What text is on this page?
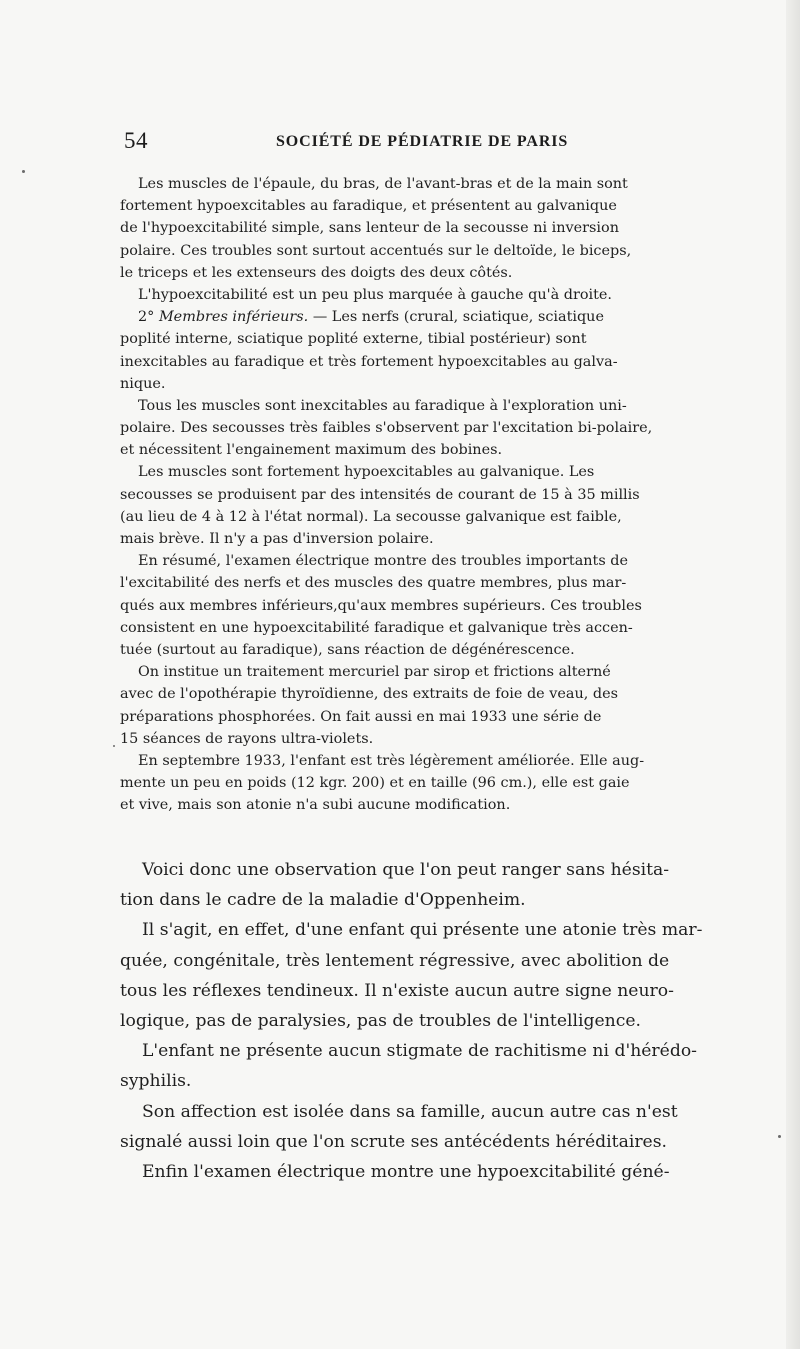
54	SOCIÉTÉ DE PÉDIATRIE DE PARIS
Les muscles de l'épaule, du bras, de l'avant-bras et de la main sont
fortement hypoexcitables au faradique, et présentent au galvanique
de l'hypoexcitabilité simple, sans lenteur de la secousse ni inversion
polaire. Ces troubles sont surtout accentués sur le deltoïde, le biceps,
le triceps et les extenseurs des doigts des deux côtés.
L'hypoexcitabilité est un peu plus marquée à gauche qu'à droite.
2° Membres inférieurs. — Les nerfs (crural, sciatique, sciatique
poplité interne, sciatique poplité externe, tibial postérieur) sont
inexcitables au faradique et très fortement hypoexcitables au galva-
nique.
Tous les muscles sont inexcitables au faradique à l'exploration uni-
polaire. Des secousses très faibles s'observent par l'excitation bi-polaire,
et nécessitent l'engainement maximum des bobines.
Les muscles sont fortement hypoexcitables au galvanique. Les
secousses se produisent par des intensités de courant de 15 à 35 millis
(au lieu de 4 à 12 à l'état normal). La secousse galvanique est faible,
mais brève. Il n'y a pas d'inversion polaire.
En résumé, l'examen électrique montre des troubles importants de
l'excitabilité des nerfs et des muscles des quatre membres, plus mar-
qués aux membres inférieurs,qu'aux membres supérieurs. Ces troubles
consistent en une hypoexcitabilité faradique et galvanique très accen-
tuée (surtout au faradique), sans réaction de dégénérescence.
On institue un traitement mercuriel par sirop et frictions alterné
avec de l'opothérapie thyroïdienne, des extraits de foie de veau, des
préparations phosphorées. On fait aussi en mai 1933 une série de
15 séances de rayons ultra-violets.
En septembre 1933, l'enfant est très légèrement améliorée. Elle aug-
mente un peu en poids (12 kgr. 200) et en taille (96 cm.), elle est gaie
et vive, mais son atonie n'a subi aucune modification.
Voici donc une observation que l'on peut ranger sans hésita-
tion dans le cadre de la maladie d'Oppenheim.
Il s'agit, en effet, d'une enfant qui présente une atonie très mar-
quée, congénitale, très lentement régressive, avec abolition de
tous les réflexes tendineux. Il n'existe aucun autre signe neuro-
logique, pas de paralysies, pas de troubles de l'intelligence.
L'enfant ne présente aucun stigmate de rachitisme ni d'hérédo-
syphilis.
Son affection est isolée dans sa famille, aucun autre cas n'est
signalé aussi loin que l'on scrute ses antécédents héréditaires.
Enfin l'examen électrique montre une hypoexcitabilité géné-
